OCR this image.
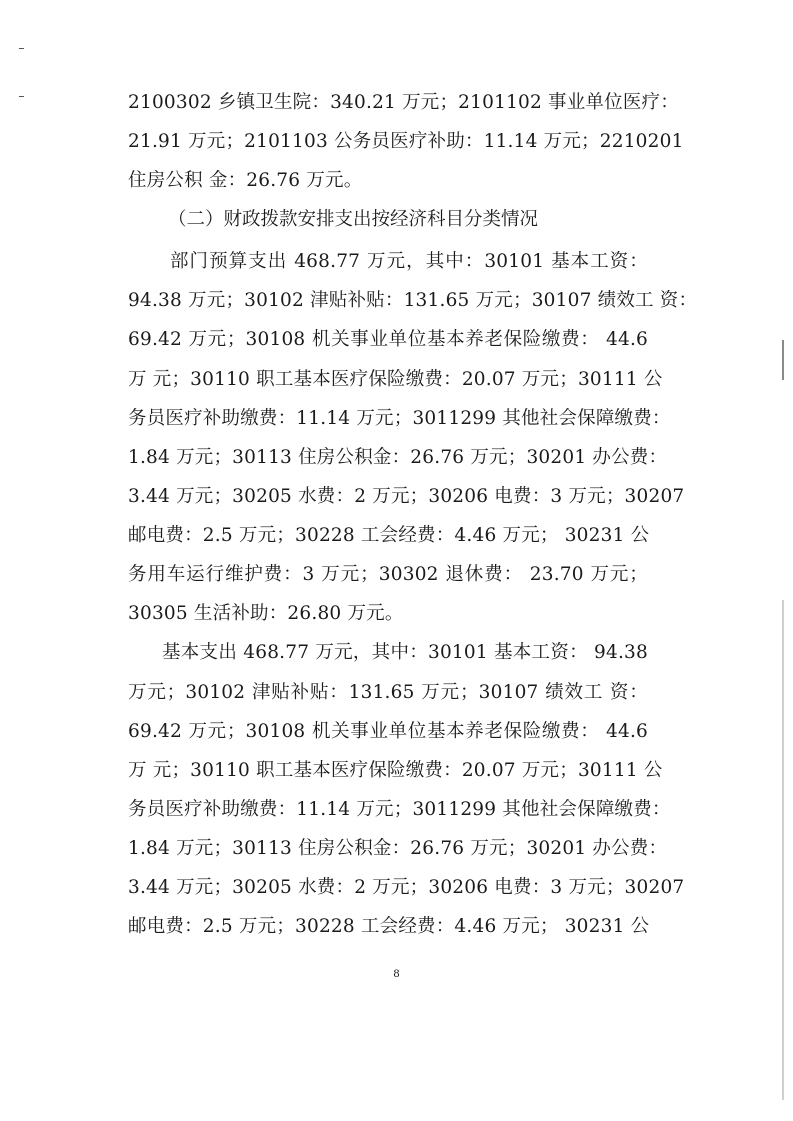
2100302 乡镇卫生院：340.21 万元；2101102 事业单位医疗：
21.91 万元；2101103 公务员医疗补助：11.14 万元；2210201
住房公积 金：26.76 万元。
（二）财政拨款安排支出按经济科目分类情况
部门预算支出 468.77 万元，其中：30101 基本工资：
94.38 万元；30102 津贴补贴：131.65 万元；30107 绩效工 资：
69.42 万元；30108 机关事业单位基本养老保险缴费： 44.6
万 元；30110 职工基本医疗保险缴费：20.07 万元；30111 公
务员医疗补助缴费：11.14 万元；3011299 其他社会保障缴费：
1.84 万元；30113 住房公积金：26.76 万元；30201 办公费：
3.44 万元；30205 水费：2 万元；30206 电费：3 万元；30207
邮电费：2.5 万元；30228 工会经费：4.46 万元； 30231 公
务用车运行维护费：3 万元；30302 退休费： 23.70 万元；
30305 生活补助：26.80 万元。
基本支出 468.77 万元，其中：30101 基本工资： 94.38
万元；30102 津贴补贴：131.65 万元；30107 绩效工 资：
69.42 万元；30108 机关事业单位基本养老保险缴费： 44.6
万 元；30110 职工基本医疗保险缴费：20.07 万元；30111 公
务员医疗补助缴费：11.14 万元；3011299 其他社会保障缴费：
1.84 万元；30113 住房公积金：26.76 万元；30201 办公费：
3.44 万元；30205 水费：2 万元；30206 电费：3 万元；30207
邮电费：2.5 万元；30228 工会经费：4.46 万元； 30231 公
8
